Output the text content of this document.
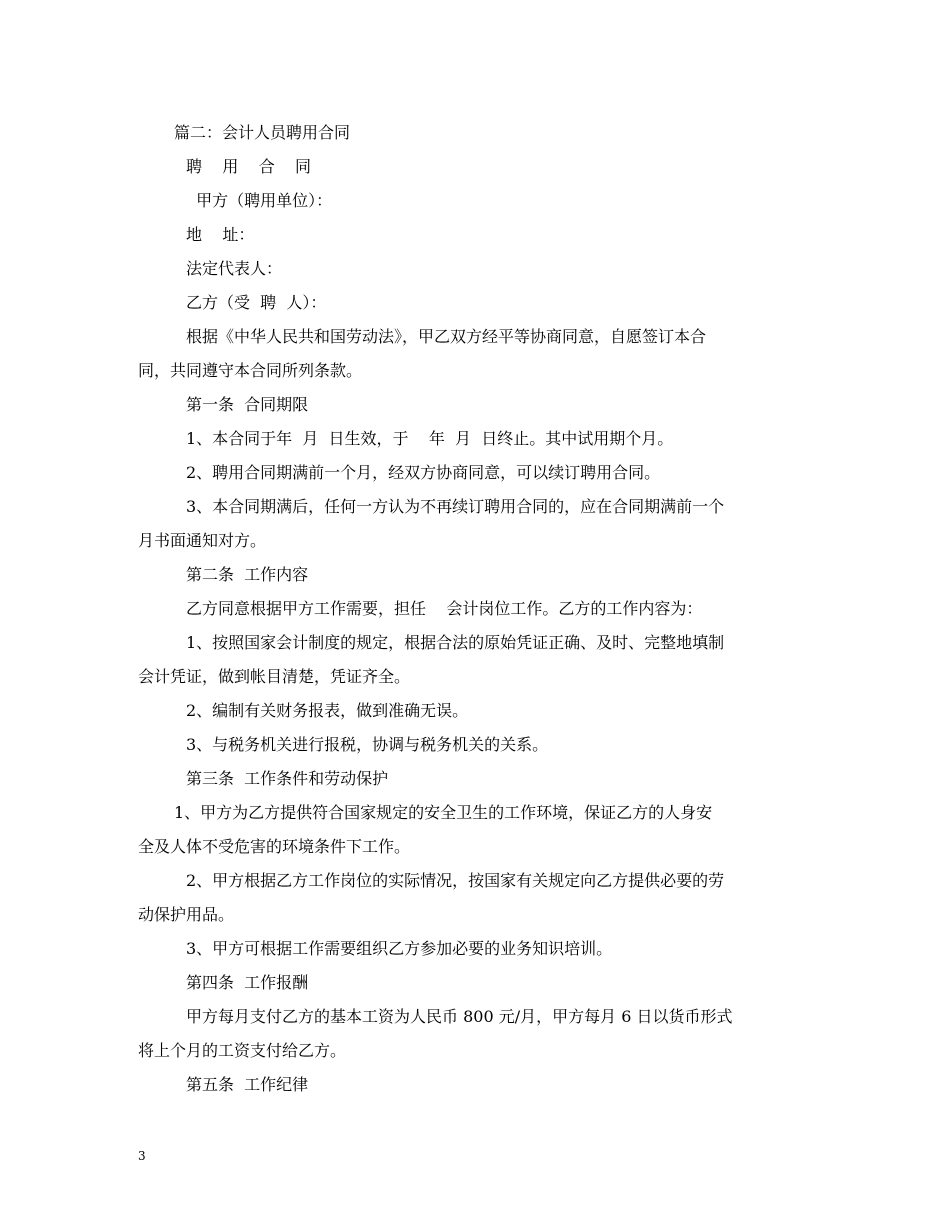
篇二：会计人员聘用合同
聘    用    合    同
甲方（聘用单位）：
地    址：
法定代表人：
乙方（受  聘  人）：
根据《中华人民共和国劳动法》，甲乙双方经平等协商同意，自愿签订本合
同，共同遵守本合同所列条款。
第一条  合同期限
1、本合同于年  月  日生效，于    年  月  日终止。其中试用期个月。
2、聘用合同期满前一个月，经双方协商同意，可以续订聘用合同。
3、本合同期满后，任何一方认为不再续订聘用合同的，应在合同期满前一个
月书面通知对方。
第二条  工作内容
乙方同意根据甲方工作需要，担任    会计岗位工作。乙方的工作内容为：
1、按照国家会计制度的规定，根据合法的原始凭证正确、及时、完整地填制
会计凭证，做到帐目清楚，凭证齐全。
2、编制有关财务报表，做到准确无误。
3、与税务机关进行报税，协调与税务机关的关系。
第三条  工作条件和劳动保护
1、甲方为乙方提供符合国家规定的安全卫生的工作环境，保证乙方的人身安
全及人体不受危害的环境条件下工作。
2、甲方根据乙方工作岗位的实际情况，按国家有关规定向乙方提供必要的劳
动保护用品。
3、甲方可根据工作需要组织乙方参加必要的业务知识培训。
第四条  工作报酬
甲方每月支付乙方的基本工资为人民币 800 元/月，甲方每月 6 日以货币形式
将上个月的工资支付给乙方。
第五条  工作纪律
3
